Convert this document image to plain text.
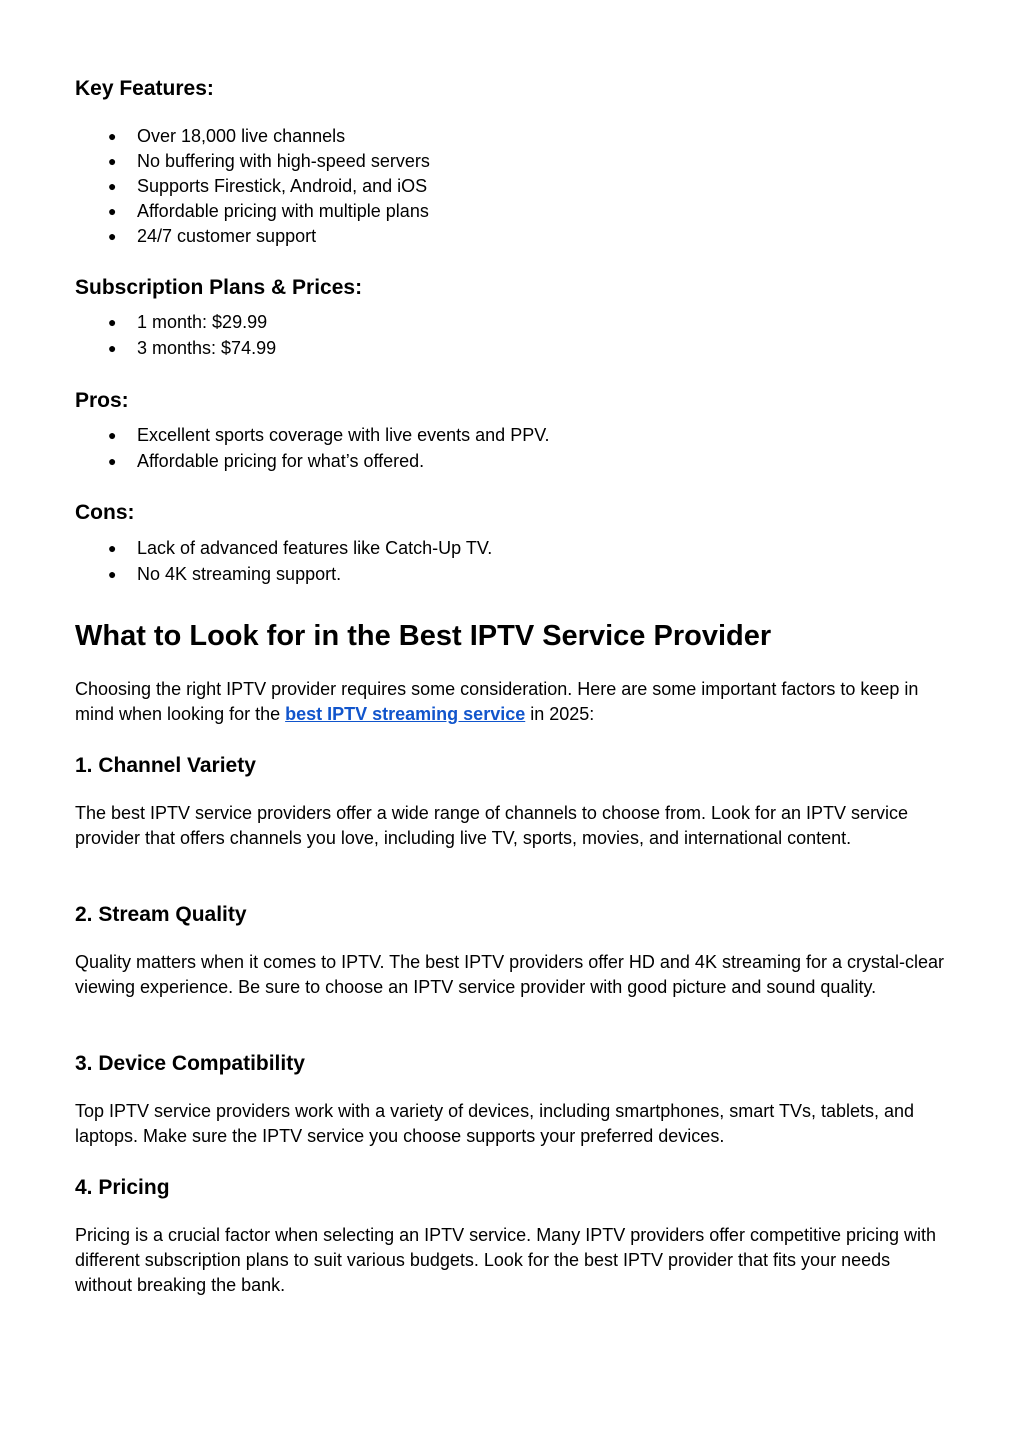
Key Features:
● Over 18,000 live channels
● No buffering with high-speed servers
● Supports Firestick, Android, and iOS
● Affordable pricing with multiple plans
● 24/7 customer support
Subscription Plans & Prices:
● 1 month: $29.99
● 3 months: $74.99
Pros:
● Excellent sports coverage with live events and PPV.
● Affordable pricing for what’s offered.
Cons:
● Lack of advanced features like Catch-Up TV.
● No 4K streaming support.
What to Look for in the Best IPTV Service Provider

Choosing the right IPTV provider requires some consideration. Here are some important factors to keep in mind when looking for the best IPTV streaming service in 2025:

1. Channel Variety

The best IPTV service providers offer a wide range of channels to choose from. Look for an IPTV service provider that offers channels you love, including live TV, sports, movies, and international content.

2. Stream Quality

Quality matters when it comes to IPTV. The best IPTV providers offer HD and 4K streaming for a crystal-clear viewing experience. Be sure to choose an IPTV service provider with good picture and sound quality.

3. Device Compatibility

Top IPTV service providers work with a variety of devices, including smartphones, smart TVs, tablets, and laptops. Make sure the IPTV service you choose supports your preferred devices.

4. Pricing

Pricing is a crucial factor when selecting an IPTV service. Many IPTV providers offer competitive pricing with different subscription plans to suit various budgets. Look for the best IPTV provider that fits your needs without breaking the bank.
